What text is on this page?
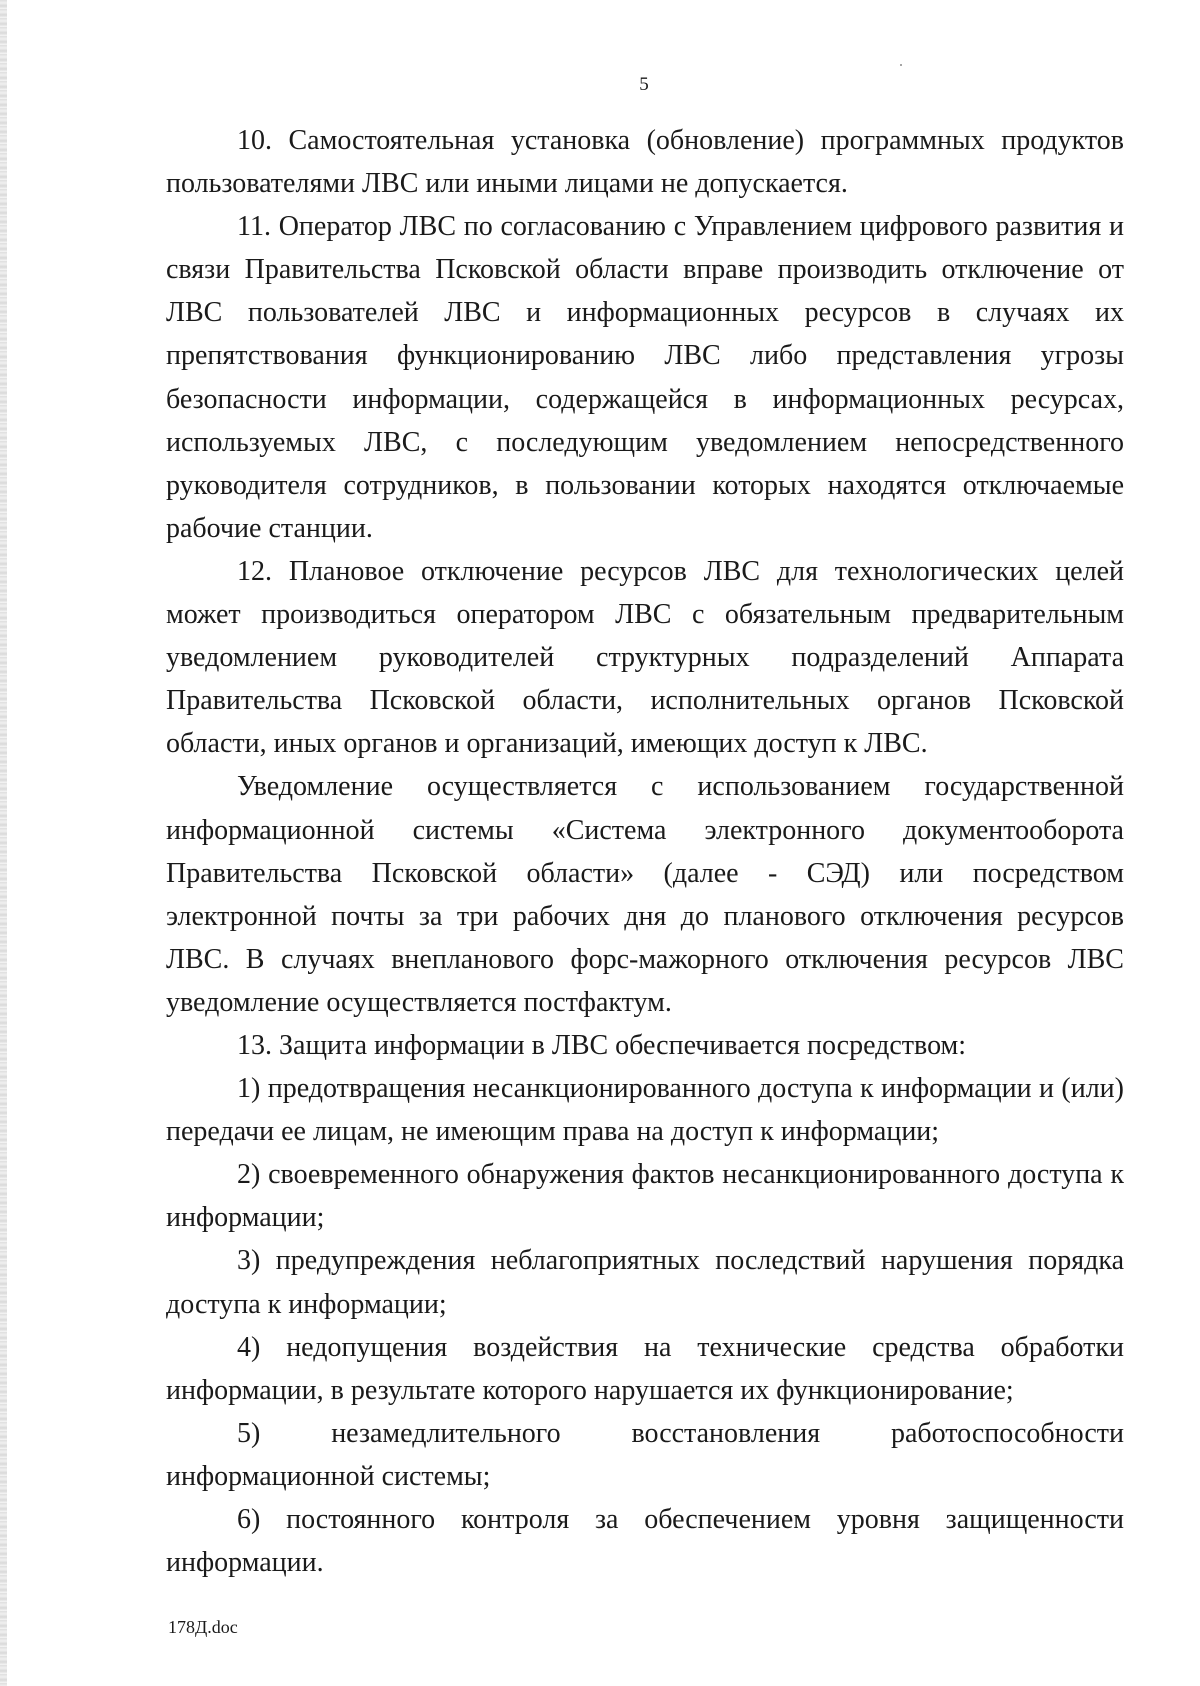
5

10. Самостоятельная установка (обновление) программных продуктов пользователями ЛВС или иными лицами не допускается.

11. Оператор ЛВС по согласованию с Управлением цифрового развития и связи Правительства Псковской области вправе производить отключение от ЛВС пользователей ЛВС и информационных ресурсов в случаях их препятствования функционированию ЛВС либо представления угрозы безопасности информации, содержащейся в информационных ресурсах, используемых ЛВС, с последующим уведомлением непосредственного руководителя сотрудников, в пользовании которых находятся отключаемые рабочие станции.

12. Плановое отключение ресурсов ЛВС для технологических целей может производиться оператором ЛВС с обязательным предварительным уведомлением руководителей структурных подразделений Аппарата Правительства Псковской области, исполнительных органов Псковской области, иных органов и организаций, имеющих доступ к ЛВС.

Уведомление осуществляется с использованием государственной информационной системы «Система электронного документооборота Правительства Псковской области» (далее - СЭД) или посредством электронной почты за три рабочих дня до планового отключения ресурсов ЛВС. В случаях внепланового форс-мажорного отключения ресурсов ЛВС уведомление осуществляется постфактум.

13. Защита информации в ЛВС обеспечивается посредством:

1) предотвращения несанкционированного доступа к информации и (или) передачи ее лицам, не имеющим права на доступ к информации;

2) своевременного обнаружения фактов несанкционированного доступа к информации;

3) предупреждения неблагоприятных последствий нарушения порядка доступа к информации;

4) недопущения воздействия на технические средства обработки информации, в результате которого нарушается их функционирование;

5) незамедлительного восстановления работоспособности информационной системы;

6) постоянного контроля за обеспечением уровня защищенности информации.

178Д.doc
